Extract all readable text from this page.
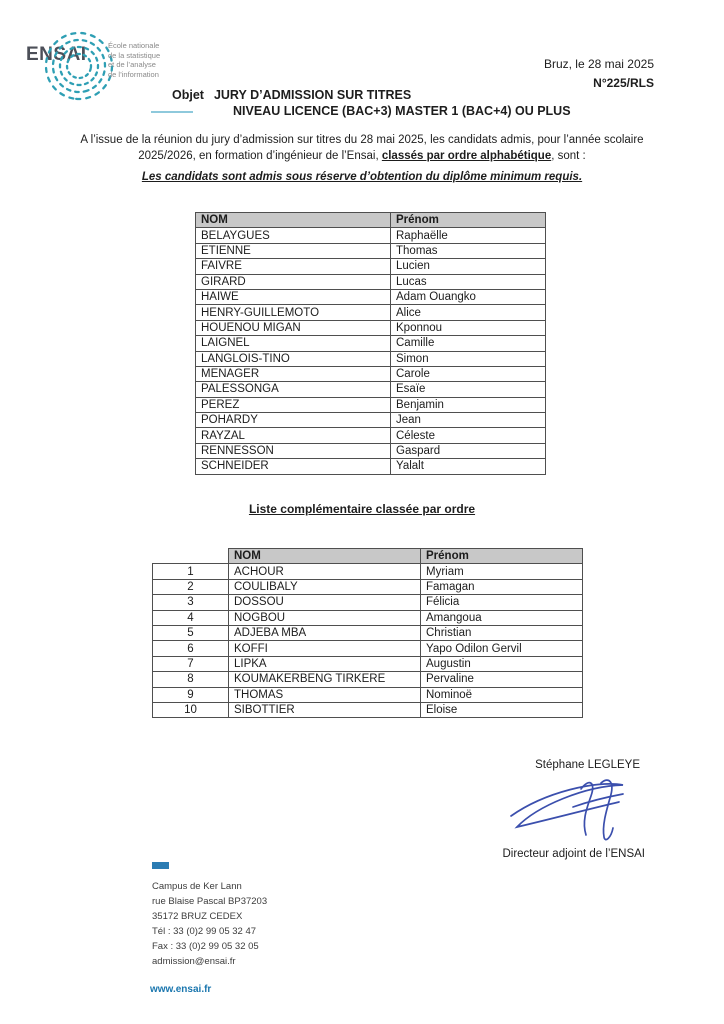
ENSAI	École nationale
de la statistique
et de l’analyse
de l’information
Bruz, le 28 mai 2025
N°225/RLS
Objet JURY D’ADMISSION SUR TITRES
NIVEAU LICENCE (BAC+3) MASTER 1 (BAC+4) OU PLUS
A l’issue de la réunion du jury d’admission sur titres du 28 mai 2025, les candidats admis, pour l’année scolaire 2025/2026, en formation d’ingénieur de l’Ensai, classés par ordre alphabétique, sont :
Les candidats sont admis sous réserve d’obtention du diplôme minimum requis.
NOM	Prénom
BELAYGUES	Raphaëlle
ETIENNE	Thomas
FAIVRE	Lucien
GIRARD	Lucas
HAIWE	Adam Ouangko
HENRY-GUILLEMOTO	Alice
HOUENOU MIGAN	Kponnou
LAIGNEL	Camille
LANGLOIS-TINO	Simon
MENAGER	Carole
PALESSONGA	Esaïe
PEREZ	Benjamin
POHARDY	Jean
RAYZAL	Céleste
RENNESSON	Gaspard
SCHNEIDER	Yalalt
Liste complémentaire classée par ordre
	NOM	Prénom
1	ACHOUR	Myriam
2	COULIBALY	Famagan
3	DOSSOU	Félicia
4	NOGBOU	Amangoua
5	ADJEBA MBA	Christian
6	KOFFI	Yapo Odilon Gervil
7	LIPKA	Augustin
8	KOUMAKERBENG TIRKERE	Pervaline
9	THOMAS	Nominoë
10	SIBOTTIER	Eloise
Stéphane LEGLEYE
Directeur adjoint de l’ENSAI
Campus de Ker Lann
rue Blaise Pascal BP37203
35172 BRUZ CEDEX
Tél : 33 (0)2 99 05 32 47
Fax : 33 (0)2 99 05 32 05
admission@ensai.fr
www.ensai.fr
